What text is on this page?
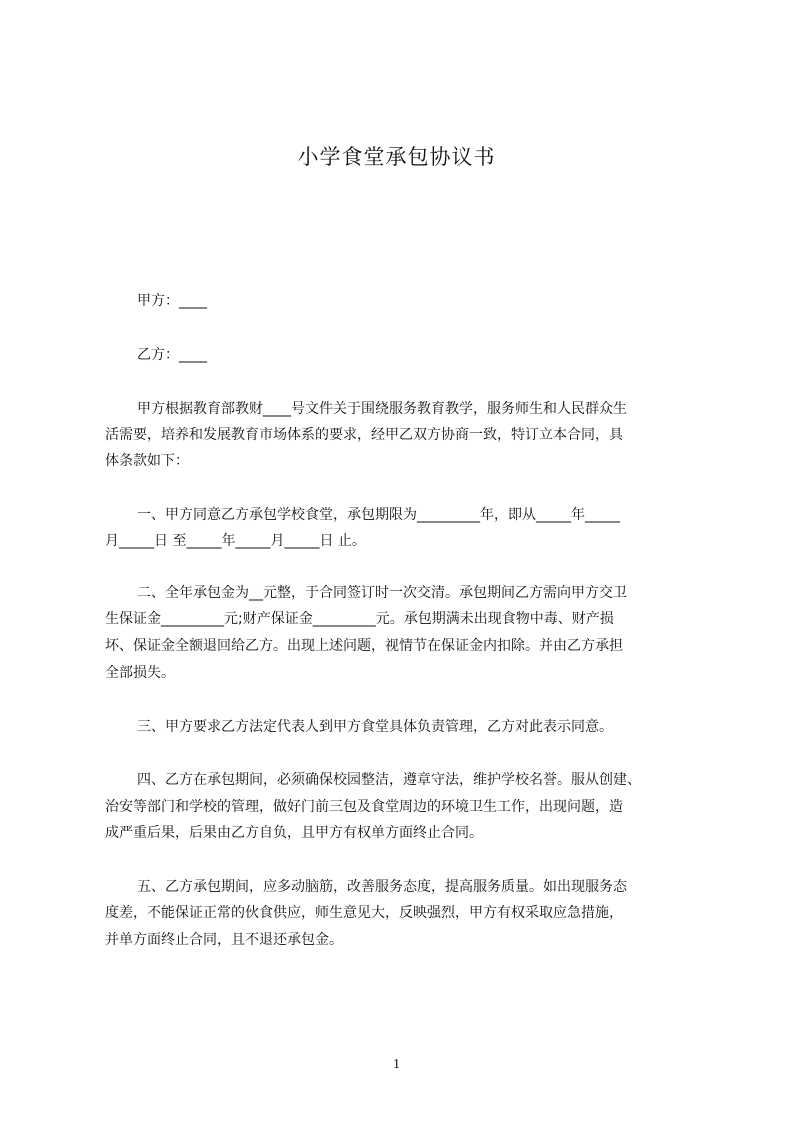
小学食堂承包协议书
甲方：____
乙方：____
甲方根据教育部教财____号文件关于围绕服务教育教学，服务师生和人民群众生
活需要，培养和发展教育市场体系的要求，经甲乙双方协商一致，特订立本合同，具
体条款如下：
一、甲方同意乙方承包学校食堂，承包期限为_________年，即从_____年_____
月_____日 至_____年_____月_____日 止。
二、全年承包金为__元整，于合同签订时一次交清。承包期间乙方需向甲方交卫
生保证金_________元;财产保证金_________元。承包期满未出现食物中毒、财产损
坏、保证金全额退回给乙方。出现上述问题，视情节在保证金内扣除。并由乙方承担
全部损失。
三、甲方要求乙方法定代表人到甲方食堂具体负责管理，乙方对此表示同意。
四、乙方在承包期间，必须确保校园整洁，遵章守法，维护学校名誉。服从创建、
治安等部门和学校的管理，做好门前三包及食堂周边的环境卫生工作，出现问题，造
成严重后果，后果由乙方自负，且甲方有权单方面终止合同。
五、乙方承包期间，应多动脑筋，改善服务态度，提高服务质量。如出现服务态
度差，不能保证正常的伙食供应，师生意见大，反映强烈，甲方有权采取应急措施，
并单方面终止合同，且不退还承包金。
1
